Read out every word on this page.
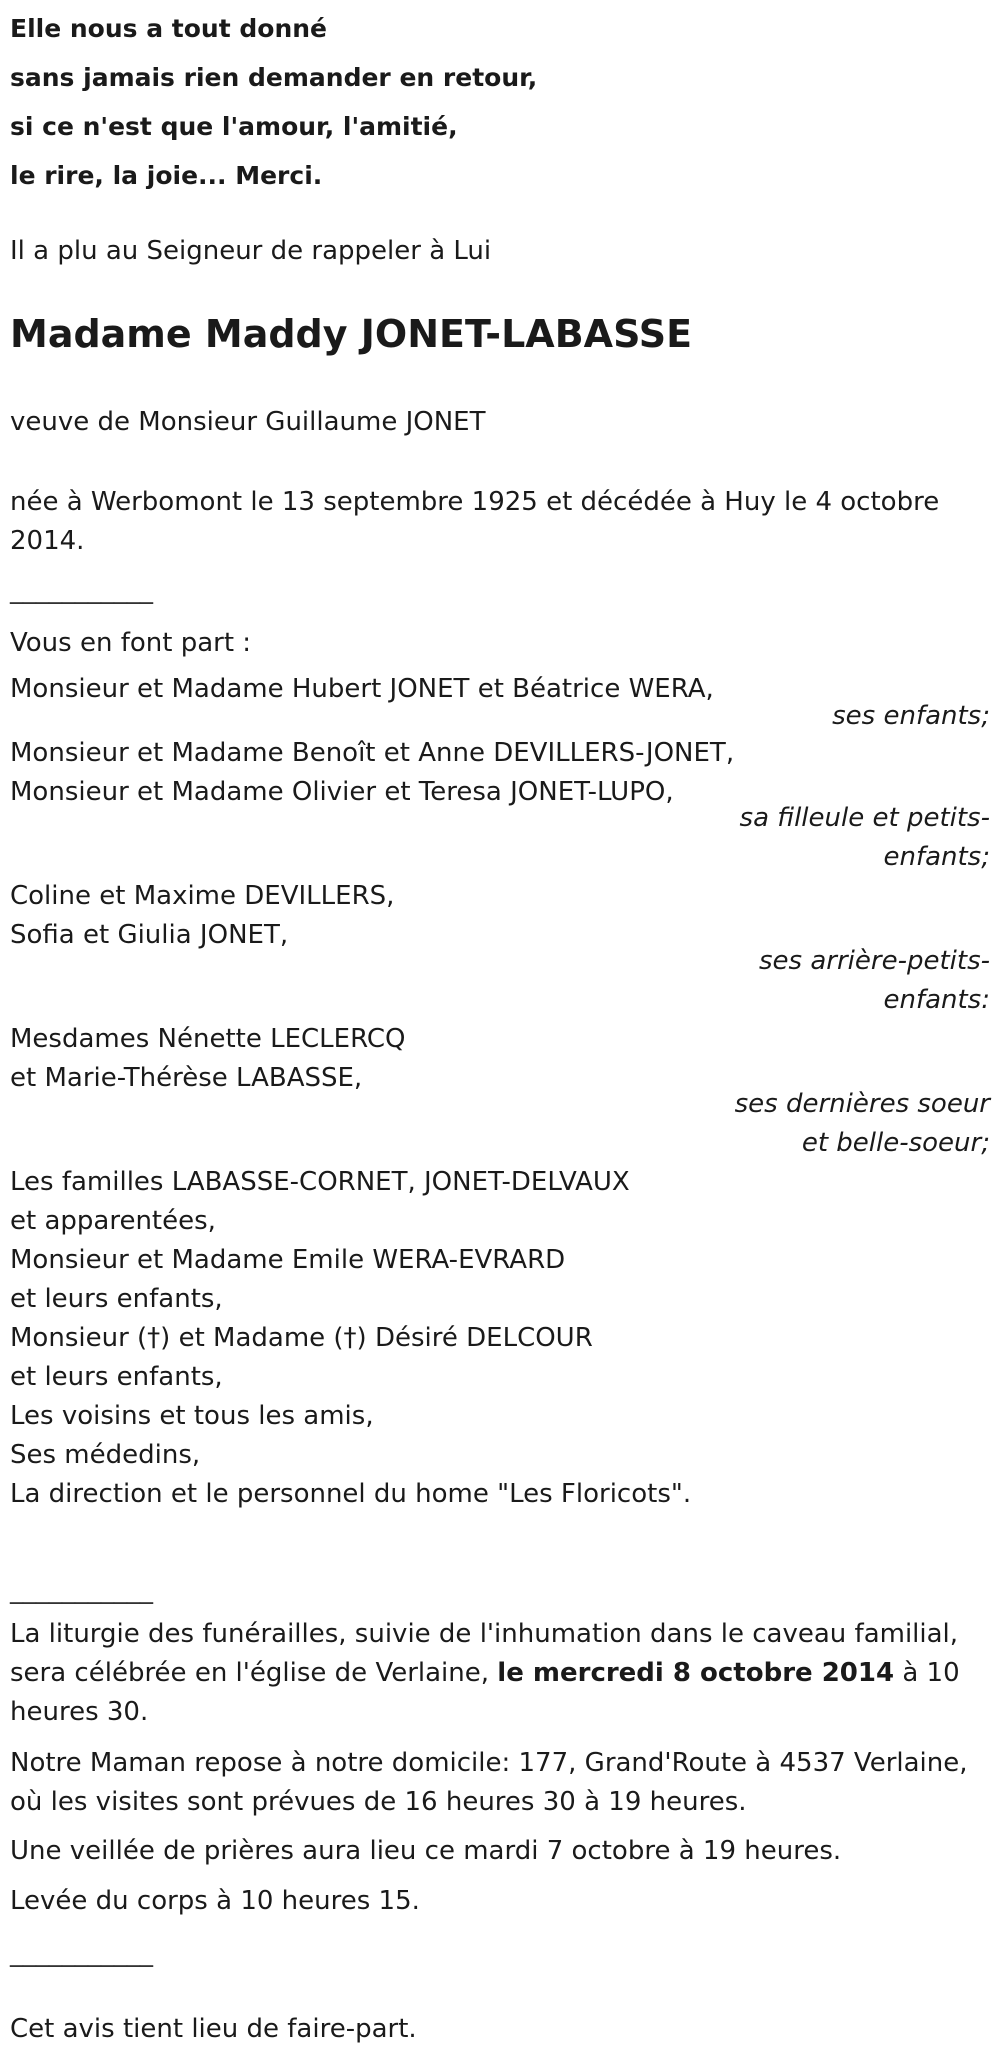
Elle nous a tout donné
sans jamais rien demander en retour,
si ce n'est que l'amour, l'amitié,
le rire, la joie... Merci.

Il a plu au Seigneur de rappeler à Lui

Madame Maddy JONET-LABASSE

veuve de Monsieur Guillaume JONET

née à Werbomont le 13 septembre 1925 et décédée à Huy le 4 octobre
2014.

___________

Vous en font part :

Monsieur et Madame Hubert JONET et Béatrice WERA,

ses enfants;

Monsieur et Madame Benoît et Anne DEVILLERS-JONET,
Monsieur et Madame Olivier et Teresa JONET-LUPO,
sa filleule et petits-
enfants;
Coline et Maxime DEVILLERS,
Sofia et Giulia JONET,
ses arrière-petits-
enfants:
Mesdames Nénette LECLERCQ
et Marie-Thérèse LABASSE,
ses dernières soeur
et belle-soeur;
Les familles LABASSE-CORNET, JONET-DELVAUX
et apparentées,
Monsieur et Madame Emile WERA-EVRARD
et leurs enfants,
Monsieur (†) et Madame (†) Désiré DELCOUR
et leurs enfants,
Les voisins et tous les amis,
Ses médedins,
La direction et le personnel du home "Les Floricots".

___________

La liturgie des funérailles, suivie de l'inhumation dans le caveau familial,
sera célébrée en l'église de Verlaine, le mercredi 8 octobre 2014 à 10
heures 30.
Notre Maman repose à notre domicile: 177, Grand'Route à 4537 Verlaine,
où les visites sont prévues de 16 heures 30 à 19 heures.

Une veillée de prières aura lieu ce mardi 7 octobre à 19 heures.

Levée du corps à 10 heures 15.

___________

Cet avis tient lieu de faire-part.
